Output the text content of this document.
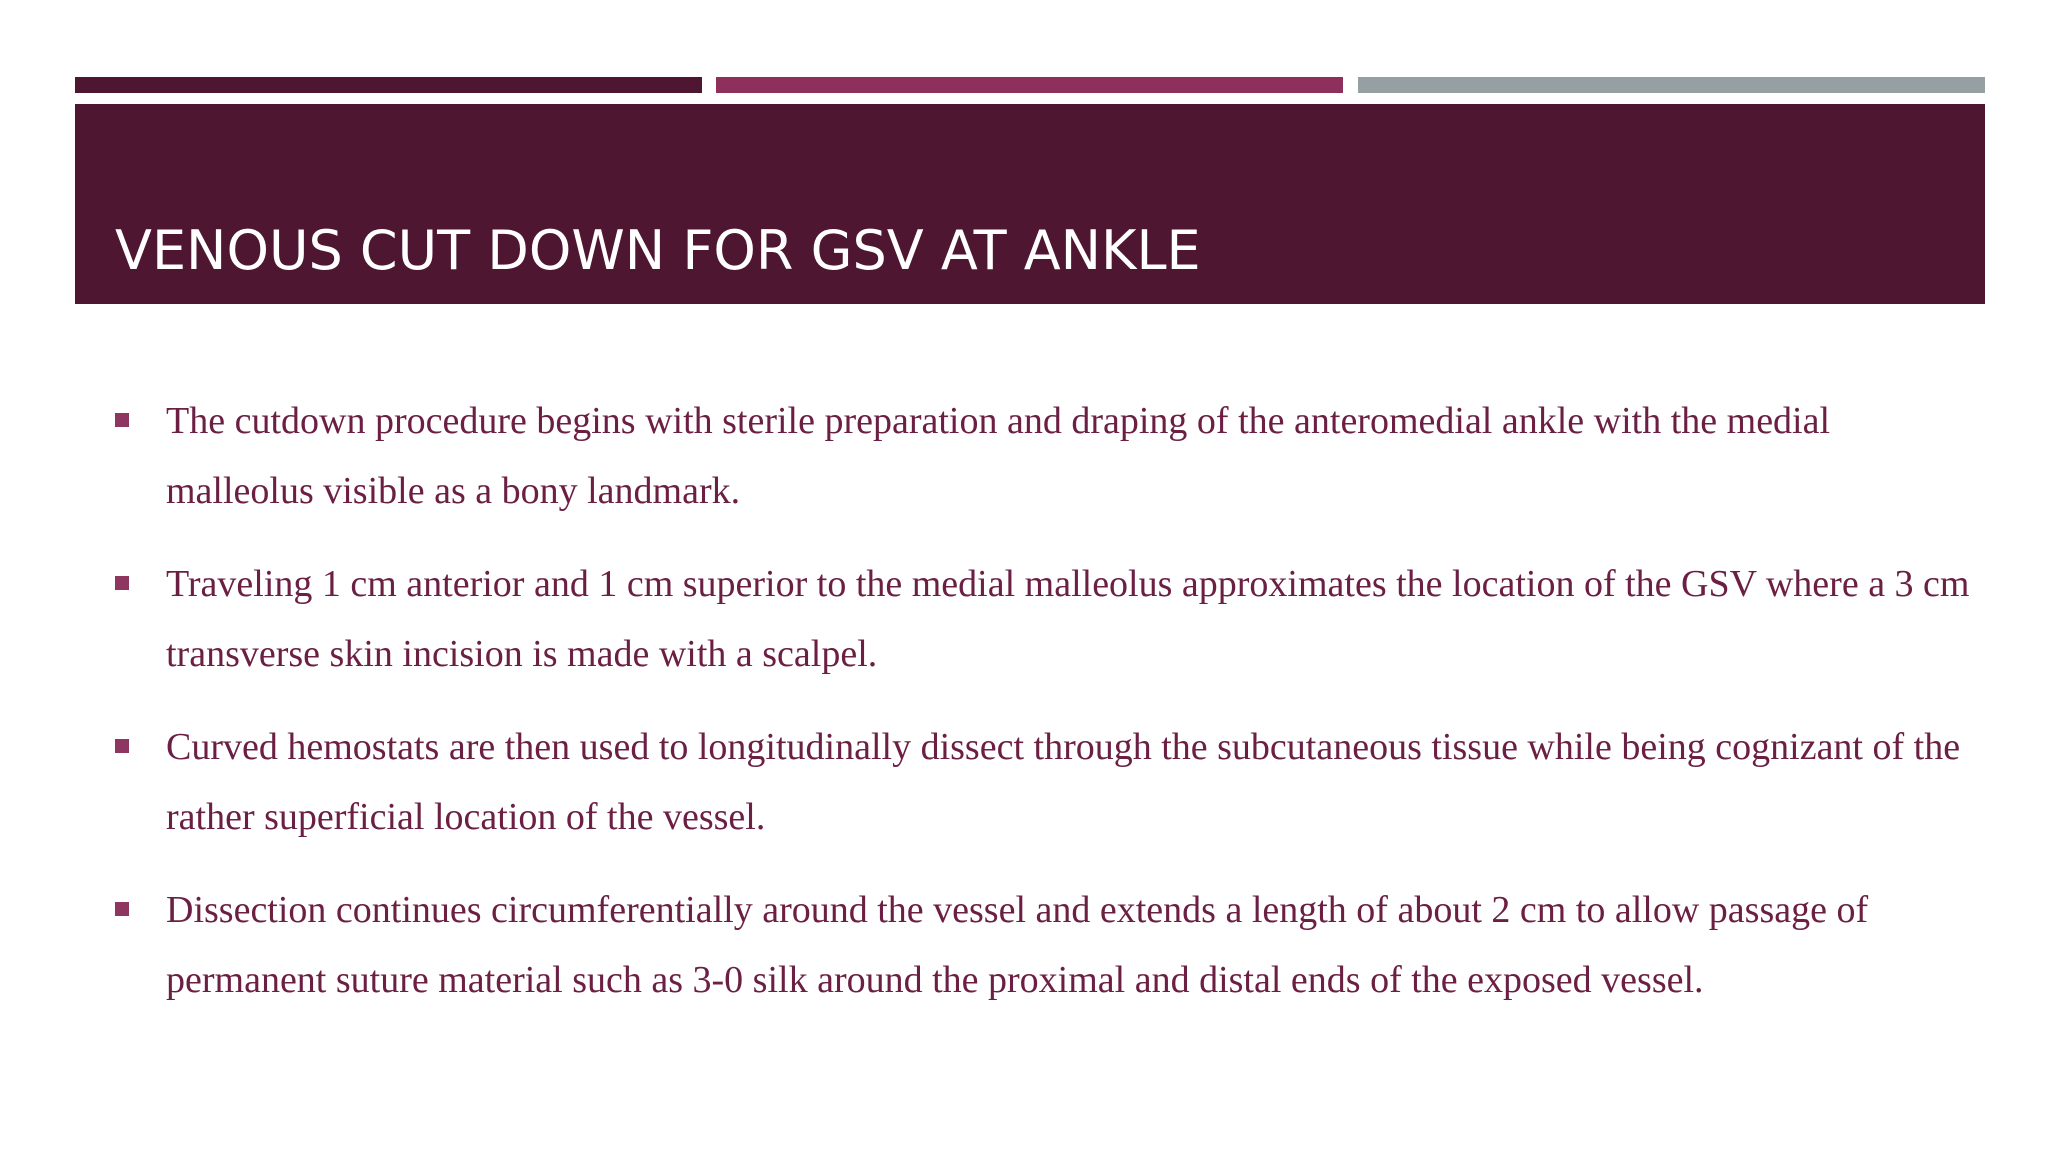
VENOUS CUT DOWN FOR GSV AT ANKLE
The cutdown procedure begins with sterile preparation and draping of the anteromedial ankle with the medial malleolus visible as a bony landmark.
Traveling 1 cm anterior and 1 cm superior to the medial malleolus approximates the location of the GSV where a 3 cm transverse skin incision is made with a scalpel.
Curved hemostats are then used to longitudinally dissect through the subcutaneous tissue while being cognizant of the rather superficial location of the vessel.
Dissection continues circumferentially around the vessel and extends a length of about 2 cm to allow passage of permanent suture material such as 3-0 silk around the proximal and distal ends of the exposed vessel.
